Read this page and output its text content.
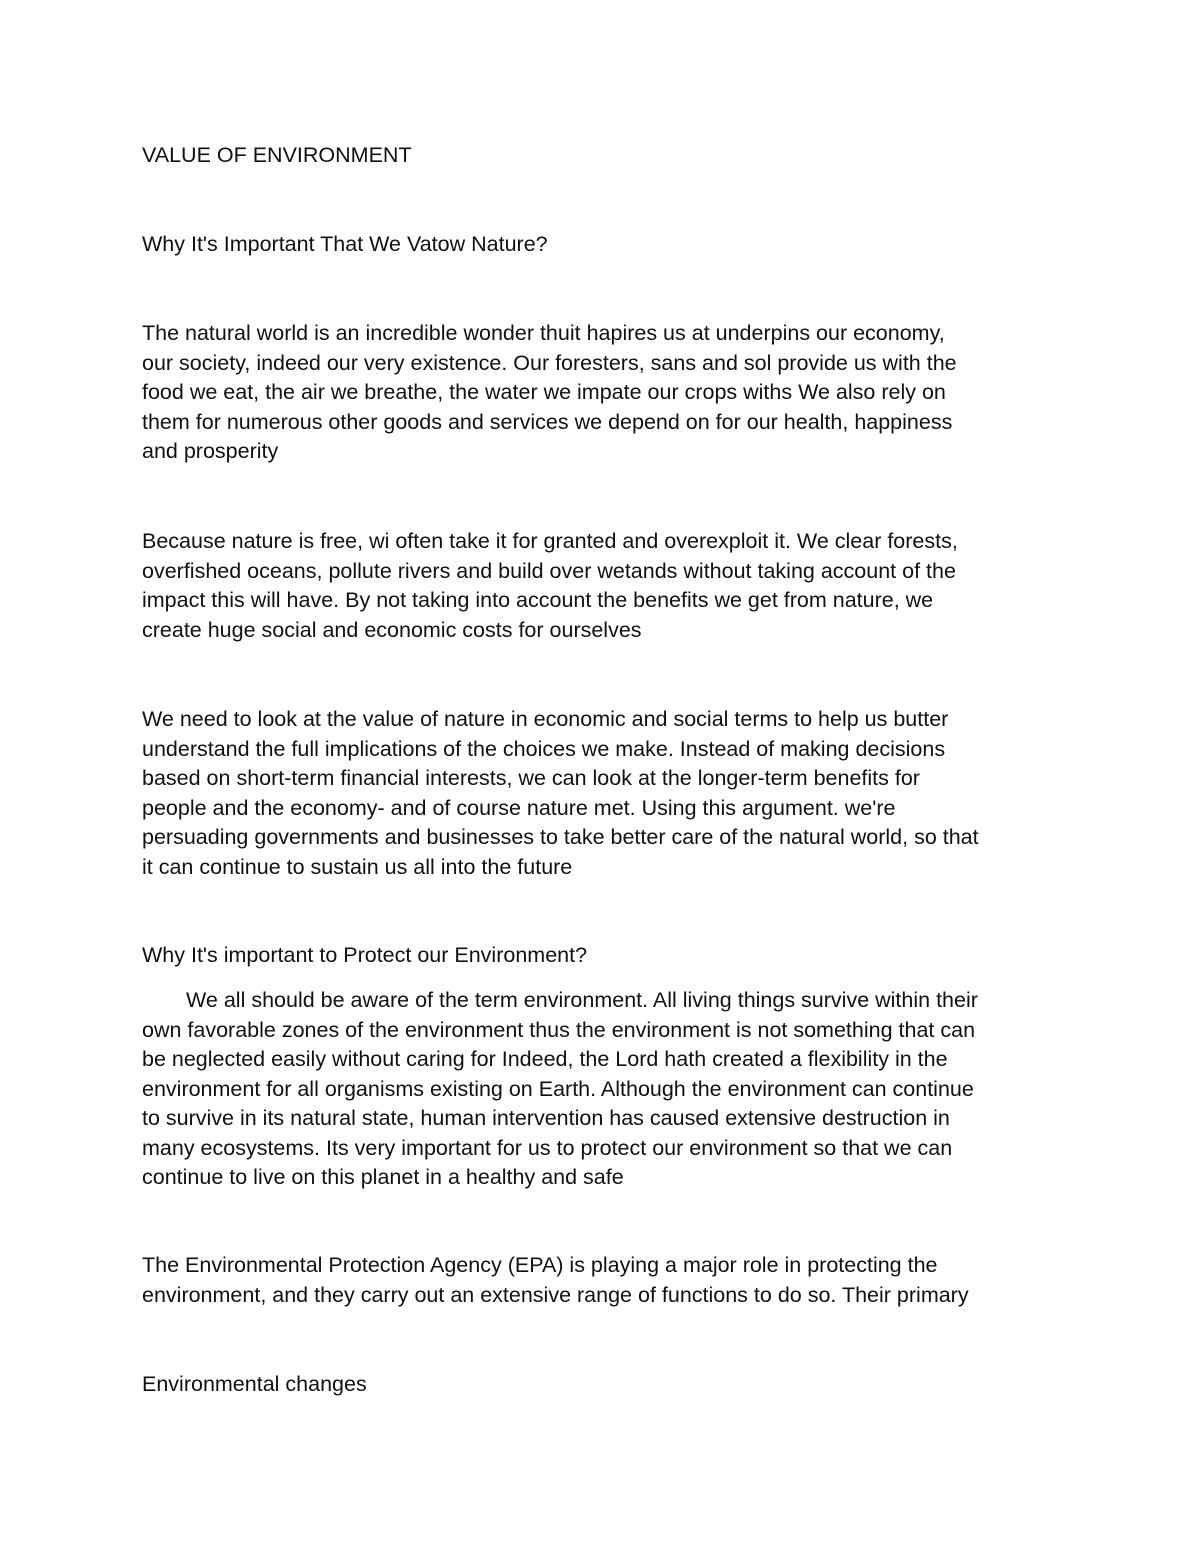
VALUE OF ENVIRONMENT
Why It's Important That We Vatow Nature?
The natural world is an incredible wonder thuit hapires us at underpins our economy,
our society, indeed our very existence. Our foresters, sans and sol provide us with the
food we eat, the air we breathe, the water we impate our crops withs We also rely on
them for numerous other goods and services we depend on for our health, happiness
and prosperity
Because nature is free, wi often take it for granted and overexploit it. We clear forests,
overfished oceans, pollute rivers and build over wetands without taking account of the
impact this will have. By not taking into account the benefits we get from nature, we
create huge social and economic costs for ourselves
We need to look at the value of nature in economic and social terms to help us butter
understand the full implications of the choices we make. Instead of making decisions
based on short-term financial interests, we can look at the longer-term benefits for
people and the economy- and of course nature met. Using this argument. we're
persuading governments and businesses to take better care of the natural world, so that
it can continue to sustain us all into the future
Why It's important to Protect our Environment?
We all should be aware of the term environment. All living things survive within their
own favorable zones of the environment thus the environment is not something that can
be neglected easily without caring for Indeed, the Lord hath created a flexibility in the
environment for all organisms existing on Earth. Although the environment can continue
to survive in its natural state, human intervention has caused extensive destruction in
many ecosystems. Its very important for us to protect our environment so that we can
continue to live on this planet in a healthy and safe
The Environmental Protection Agency (EPA) is playing a major role in protecting the
environment, and they carry out an extensive range of functions to do so. Their primary
Environmental changes
